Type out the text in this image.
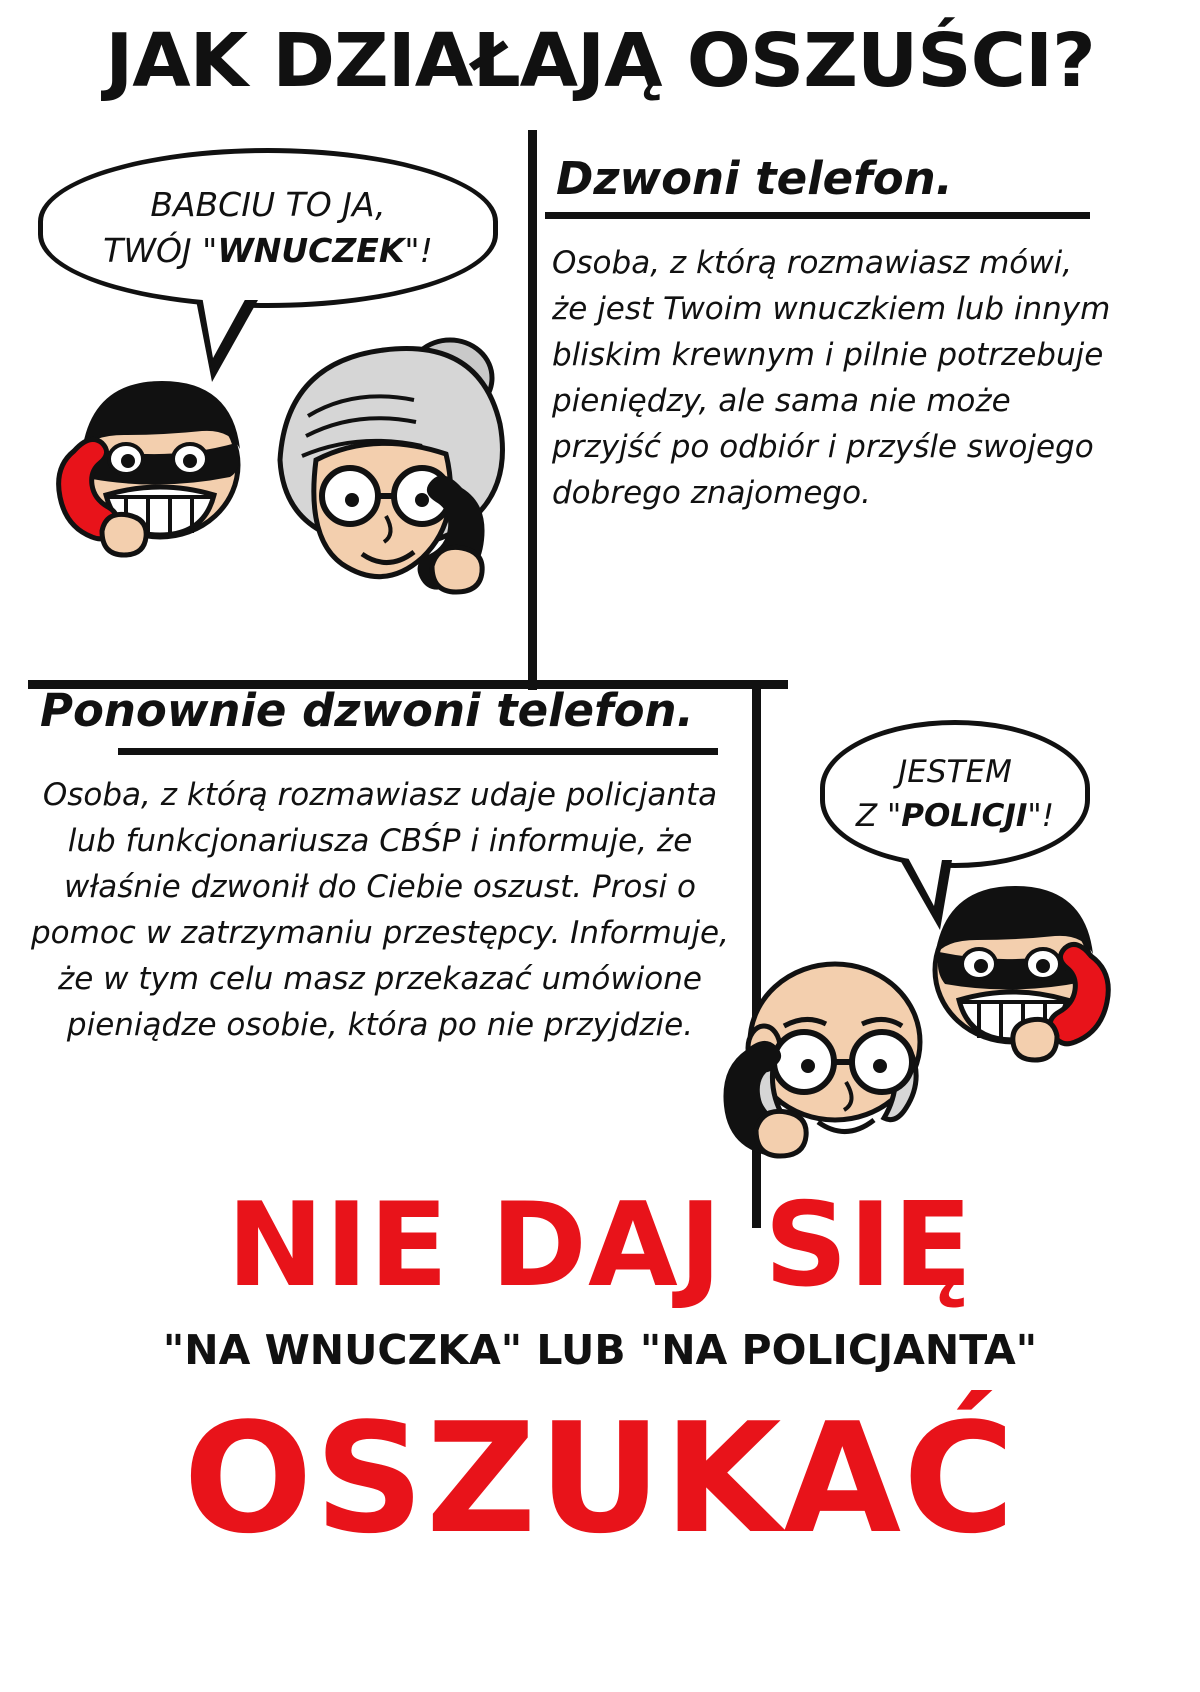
JAK DZIAŁAJĄ OSZUŚCI?
Dzwoni telefon.
Osoba, z którą rozmawiasz mówi, że jest Twoim wnuczkiem lub innym bliskim krewnym i pilnie potrzebuje pieniędzy, ale sama nie może przyjść po odbiór i przyśle swojego dobrego znajomego.
BABCIU TO JA,
TWÓJ "WNUCZEK"!
Ponownie dzwoni telefon.
Osoba, z którą rozmawiasz udaje policjanta lub funkcjonariusza CBŚP i informuje, że właśnie dzwonił do Ciebie oszust. Prosi o pomoc w zatrzymaniu przestępcy. Informuje, że w tym celu masz przekazać umówione pieniądze osobie, która po nie przyjdzie.
JESTEM
Z "POLICJI"!
NIE DAJ SIĘ
"NA WNUCZKA" LUB "NA POLICJANTA"
OSZUKAĆ
